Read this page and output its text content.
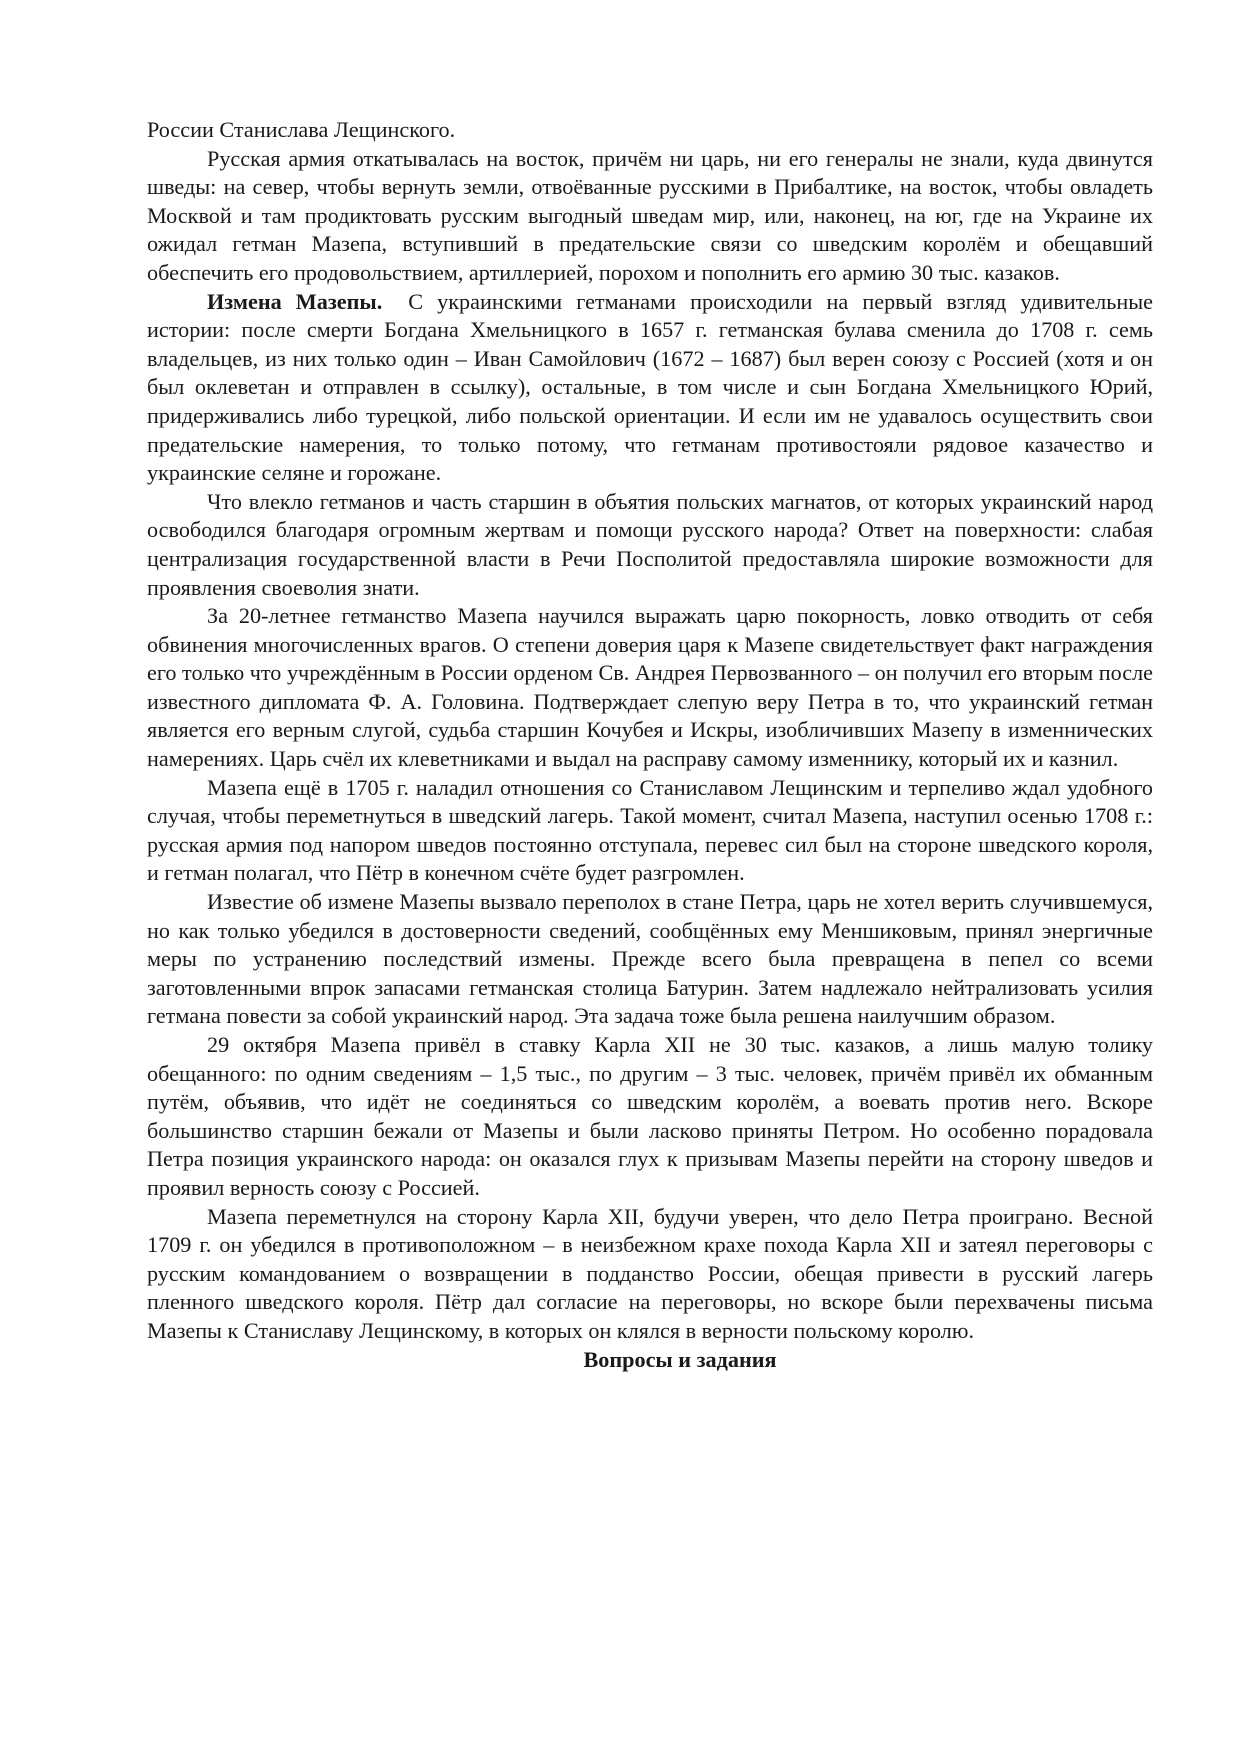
России Станислава Лещинского.

Русская армия откатывалась на восток, причём ни царь, ни его генералы не знали, куда двинутся шведы: на север, чтобы вернуть земли, отвоёванные русскими в Прибалтике, на восток, чтобы овладеть Москвой и там продиктовать русским выгодный шведам мир, или, наконец, на юг, где на Украине их ожидал гетман Мазепа, вступивший в предательские связи со шведским королём и обещавший обеспечить его продовольствием, артиллерией, порохом и пополнить его армию 30 тыс. казаков.

Измена Мазепы. С украинскими гетманами происходили на первый взгляд удивительные истории: после смерти Богдана Хмельницкого в 1657 г. гетманская булава сменила до 1708 г. семь владельцев, из них только один – Иван Самойлович (1672 – 1687) был верен союзу с Россией (хотя и он был оклеветан и отправлен в ссылку), остальные, в том числе и сын Богдана Хмельницкого Юрий, придерживались либо турецкой, либо польской ориентации. И если им не удавалось осуществить свои предательские намерения, то только потому, что гетманам противостояли рядовое казачество и украинские селяне и горожане.

Что влекло гетманов и часть старшин в объятия польских магнатов, от которых украинский народ освободился благодаря огромным жертвам и помощи русского народа? Ответ на поверхности: слабая централизация государственной власти в Речи Посполитой предоставляла широкие возможности для проявления своеволия знати.

За 20-летнее гетманство Мазепа научился выражать царю покорность, ловко отводить от себя обвинения многочисленных врагов. О степени доверия царя к Мазепе свидетельствует факт награждения его только что учреждённым в России орденом Св. Андрея Первозванного – он получил его вторым после известного дипломата Ф. А. Головина. Подтверждает слепую веру Петра в то, что украинский гетман является его верным слугой, судьба старшин Кочубея и Искры, изобличивших Мазепу в изменнических намерениях. Царь счёл их клеветниками и выдал на расправу самому изменнику, который их и казнил.

Мазепа ещё в 1705 г. наладил отношения со Станиславом Лещинским и терпеливо ждал удобного случая, чтобы переметнуться в шведский лагерь. Такой момент, считал Мазепа, наступил осенью 1708 г.: русская армия под напором шведов постоянно отступала, перевес сил был на стороне шведского короля, и гетман полагал, что Пётр в конечном счёте будет разгромлен.

Известие об измене Мазепы вызвало переполох в стане Петра, царь не хотел верить случившемуся, но как только убедился в достоверности сведений, сообщённых ему Меншиковым, принял энергичные меры по устранению последствий измены. Прежде всего была превращена в пепел со всеми заготовленными впрок запасами гетманская столица Батурин. Затем надлежало нейтрализовать усилия гетмана повести за собой украинский народ. Эта задача тоже была решена наилучшим образом.

29 октября Мазепа привёл в ставку Карла XII не 30 тыс. казаков, а лишь малую толику обещанного: по одним сведениям – 1,5 тыс., по другим – 3 тыс. человек, причём привёл их обманным путём, объявив, что идёт не соединяться со шведским королём, а воевать против него. Вскоре большинство старшин бежали от Мазепы и были ласково приняты Петром. Но особенно порадовала Петра позиция украинского народа: он оказался глух к призывам Мазепы перейти на сторону шведов и проявил верность союзу с Россией.

Мазепа переметнулся на сторону Карла XII, будучи уверен, что дело Петра проиграно. Весной 1709 г. он убедился в противоположном – в неизбежном крахе похода Карла XII и затеял переговоры с русским командованием о возвращении в подданство России, обещая привести в русский лагерь пленного шведского короля. Пётр дал согласие на переговоры, но вскоре были перехвачены письма Мазепы к Станиславу Лещинскому, в которых он клялся в верности польскому королю.

Вопросы и задания
